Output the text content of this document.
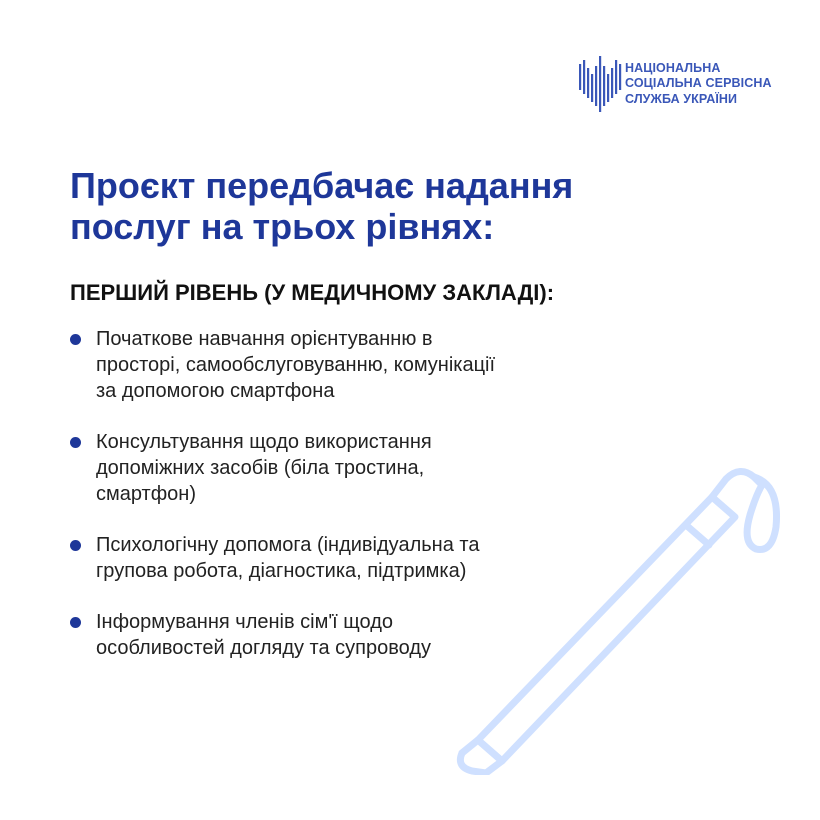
НАЦІОНАЛЬНА
СОЦІАЛЬНА СЕРВІСНА
СЛУЖБА УКРАЇНИ
Проєкт передбачає надання
послуг на трьох рівнях:
ПЕРШИЙ РІВЕНЬ (У МЕДИЧНОМУ ЗАКЛАДІ):
Початкове навчання орієнтуванню в
просторі, самообслуговуванню, комунікації
за допомогою смартфона
Консультування щодо використання
допоміжних засобів (біла тростина,
смартфон)
Психологічну допомога (індивідуальна та
групова робота, діагностика, підтримка)
Інформування членів сім'ї щодо
особливостей догляду та супроводу
